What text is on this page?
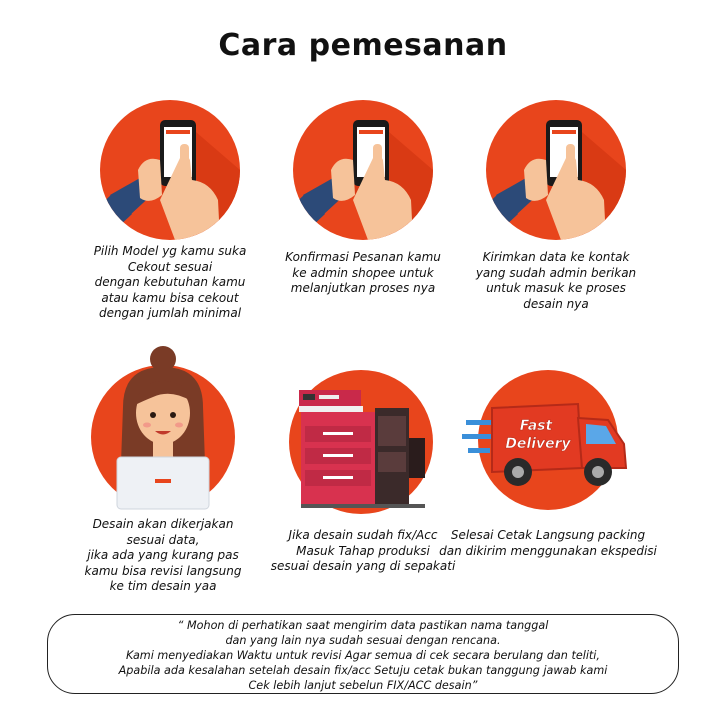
Cara pemesanan
Pilih Model yg kamu suka
Cekout sesuai
dengan kebutuhan kamu
atau kamu bisa cekout
dengan jumlah minimal
Konfirmasi Pesanan kamu
ke admin shopee untuk
melanjutkan proses nya
Kirimkan data ke kontak
yang sudah admin berikan
untuk masuk ke proses
desain nya
Desain akan dikerjakan
sesuai data,
jika ada yang kurang pas
kamu bisa revisi langsung
ke tim desain yaa
Jika desain sudah fix/Acc
Masuk Tahap produksi
sesuai desain yang di sepakati
Fast
Delivery
Selesai Cetak Langsung packing
dan dikirim menggunakan ekspedisi
“ Mohon di perhatikan saat mengirim data pastikan nama tanggal
dan yang lain nya sudah sesuai dengan rencana.
Kami menyediakan Waktu untuk revisi Agar semua di cek secara berulang dan teliti,
Apabila ada kesalahan setelah desain fix/acc Setuju cetak bukan tanggung jawab kami
Cek lebih lanjut sebelun FIX/ACC desain”
